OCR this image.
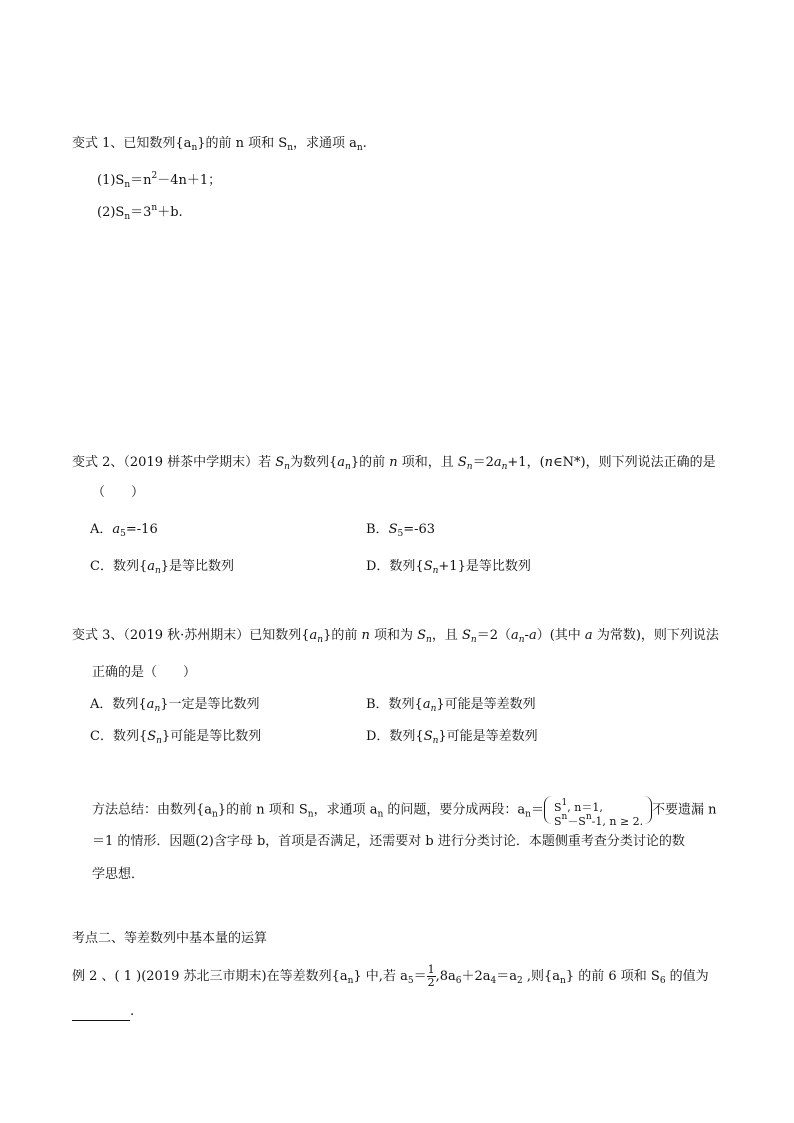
变式 1、已知数列$\{a_n\}$的前 n 项和 $S_n$，求通项 $a_n$.
$(1)S_n=n^2-4n+1$；
$(2)S_n=3^n+b$.
变式 2、（2019 栟茶中学期末）若 $S_n$为数列$\{a_n\}$的前 n 项和，且 $S_n=2a_n+1$，(n∈N*)，则下列说法正确的是
（　　）
A．$a_5=-16$	B．$S_5=-63$
C．数列$\{a_n\}$是等比数列	D．数列$\{S_n+1\}$是等比数列
变式 3、（2019 秋·苏州期末）已知数列$\{a_n\}$的前 n 项和为 $S_n$，且 $S_n=2(a_n-a)$(其中 a 为常数)，则下列说法
正确的是（　　）
A．数列$\{a_n\}$一定是等比数列	B．数列$\{a_n\}$可能是等差数列
C．数列$\{S_n\}$可能是等比数列	D．数列$\{S_n\}$可能是等差数列
方法总结：由数列$\{a_n\}$的前 n 项和 $S_n$，求通项 $a_n$ 的问题，要分成两段：$a_n= S^1$, n＝1,
$S^n-S^n-1$, n ≥ 2.
不要遗漏 n
＝1 的情形．因题(2)含字母 b，首项是否满足，还需要对 b 进行分类讨论．本题侧重考查分类讨论的数
学思想．
考点二、等差数列中基本量的运算
例 2 、( 1 )(2019 苏北三市期末)在等差数列$\{a_n\}$ 中,若 $a_5= \frac{1}{2} ,8a_6+2a_4=a_2$ ,则$\{a_n\}$ 的前 6 项和 $S_6$ 的值为
.
